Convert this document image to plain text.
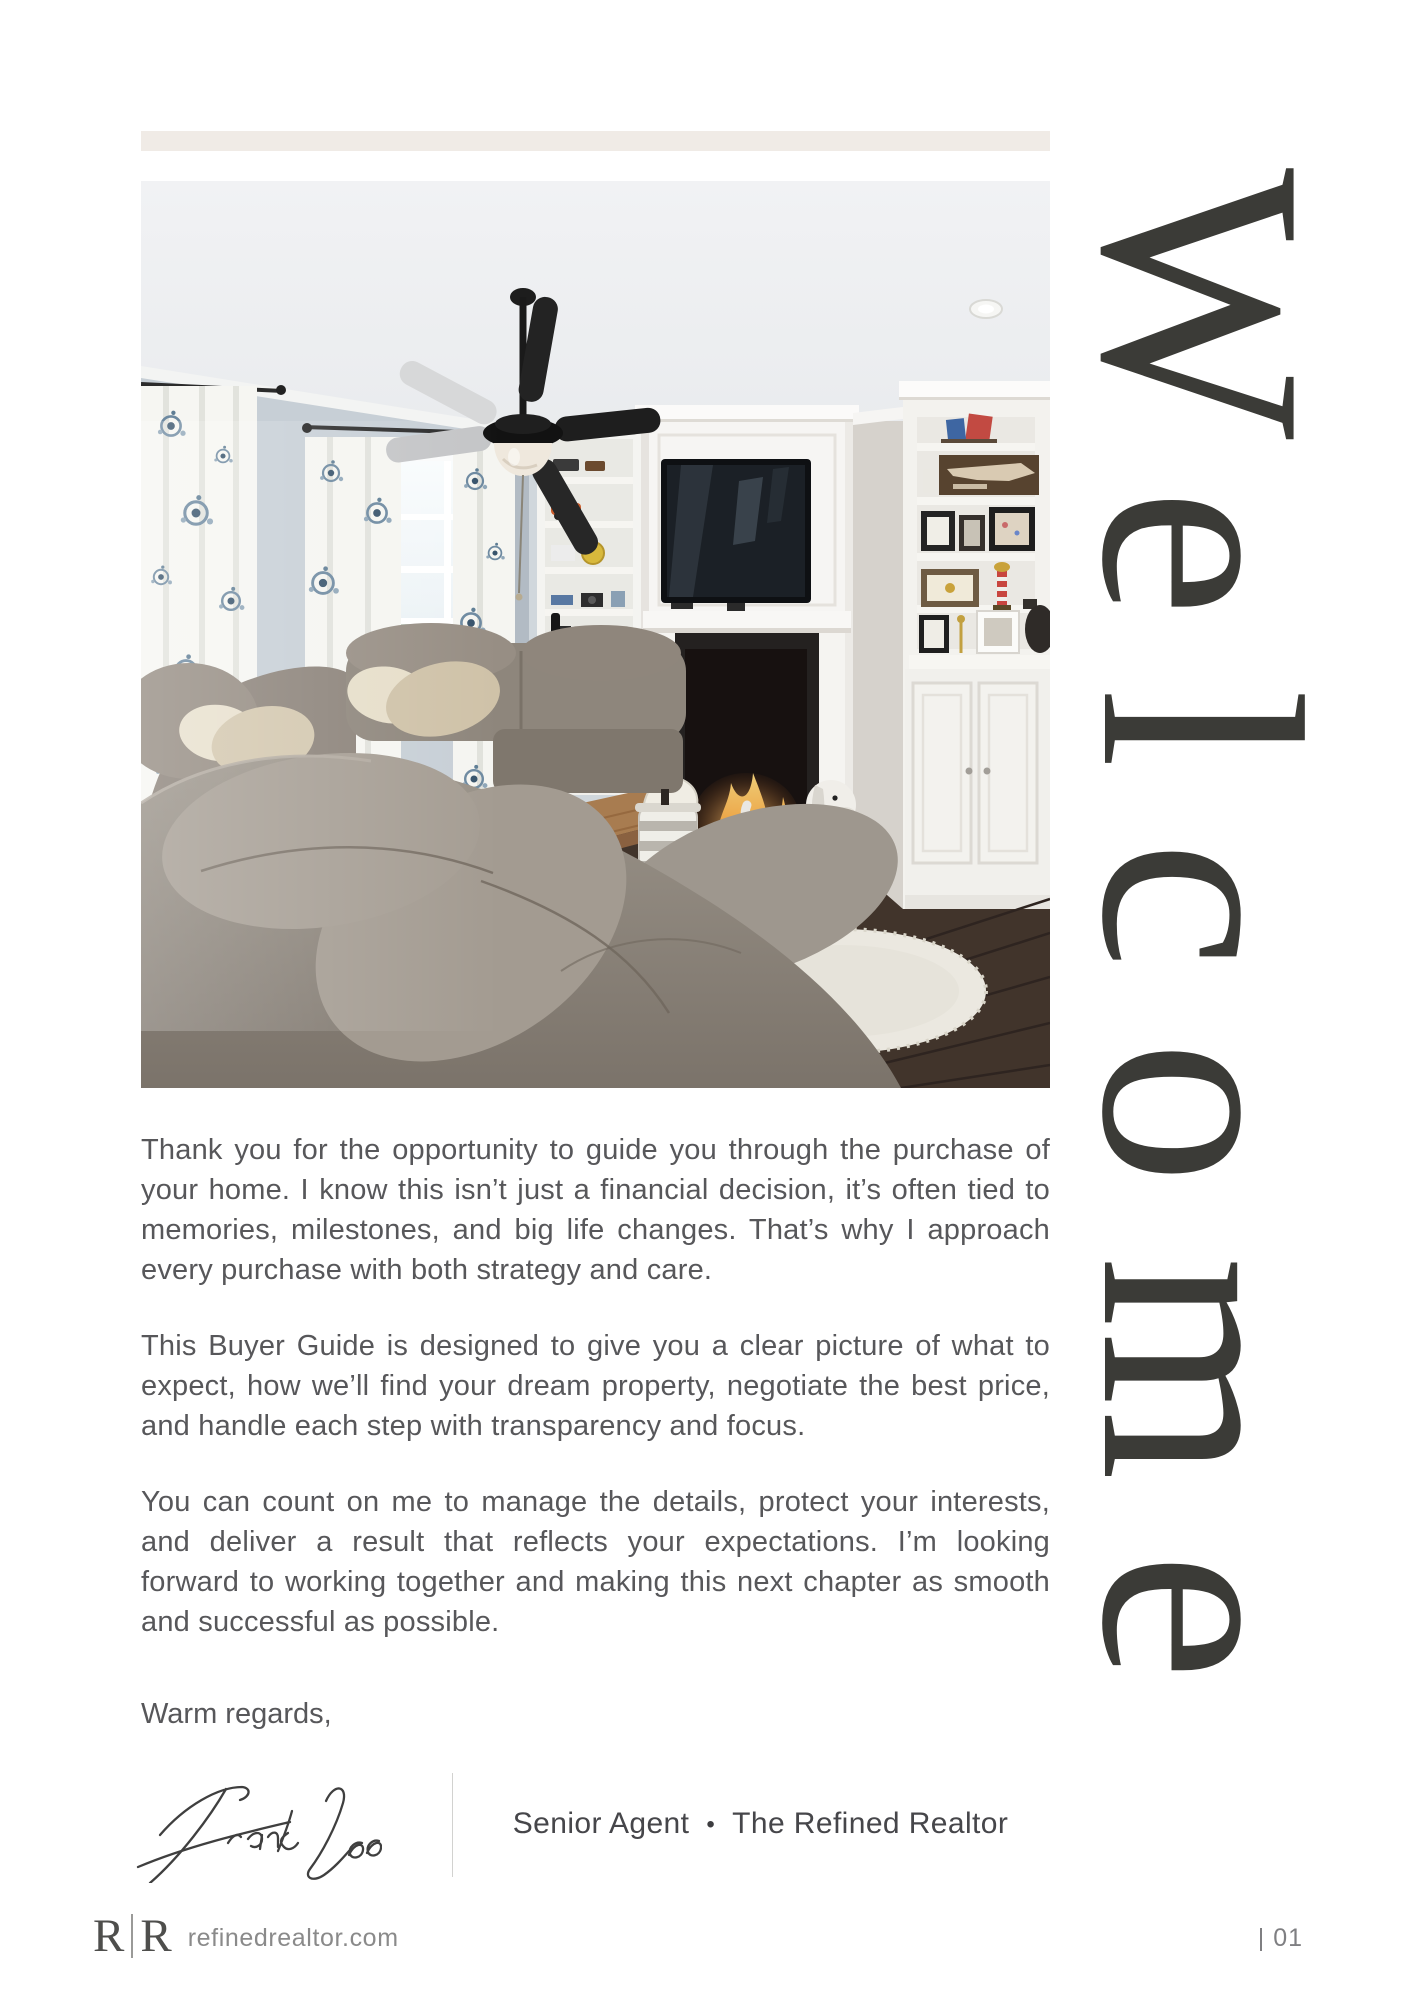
Welcome

Thank you for the opportunity to guide you through the purchase of your home. I know this isn’t just a financial decision, it’s often tied to memories, milestones, and big life changes. That’s why I approach every purchase with both strategy and care.

This Buyer Guide is designed to give you a clear picture of what to expect, how we’ll find your dream property, negotiate the best price, and handle each step with transparency and focus.

You can count on me to manage the details, protect your interests, and deliver a result that reflects your expectations. I’m looking forward to working together and making this next chapter as smooth and successful as possible.

Warm regards,
Senior Agent • The Refined Realtor
R R refinedrealtor.com	| 01
